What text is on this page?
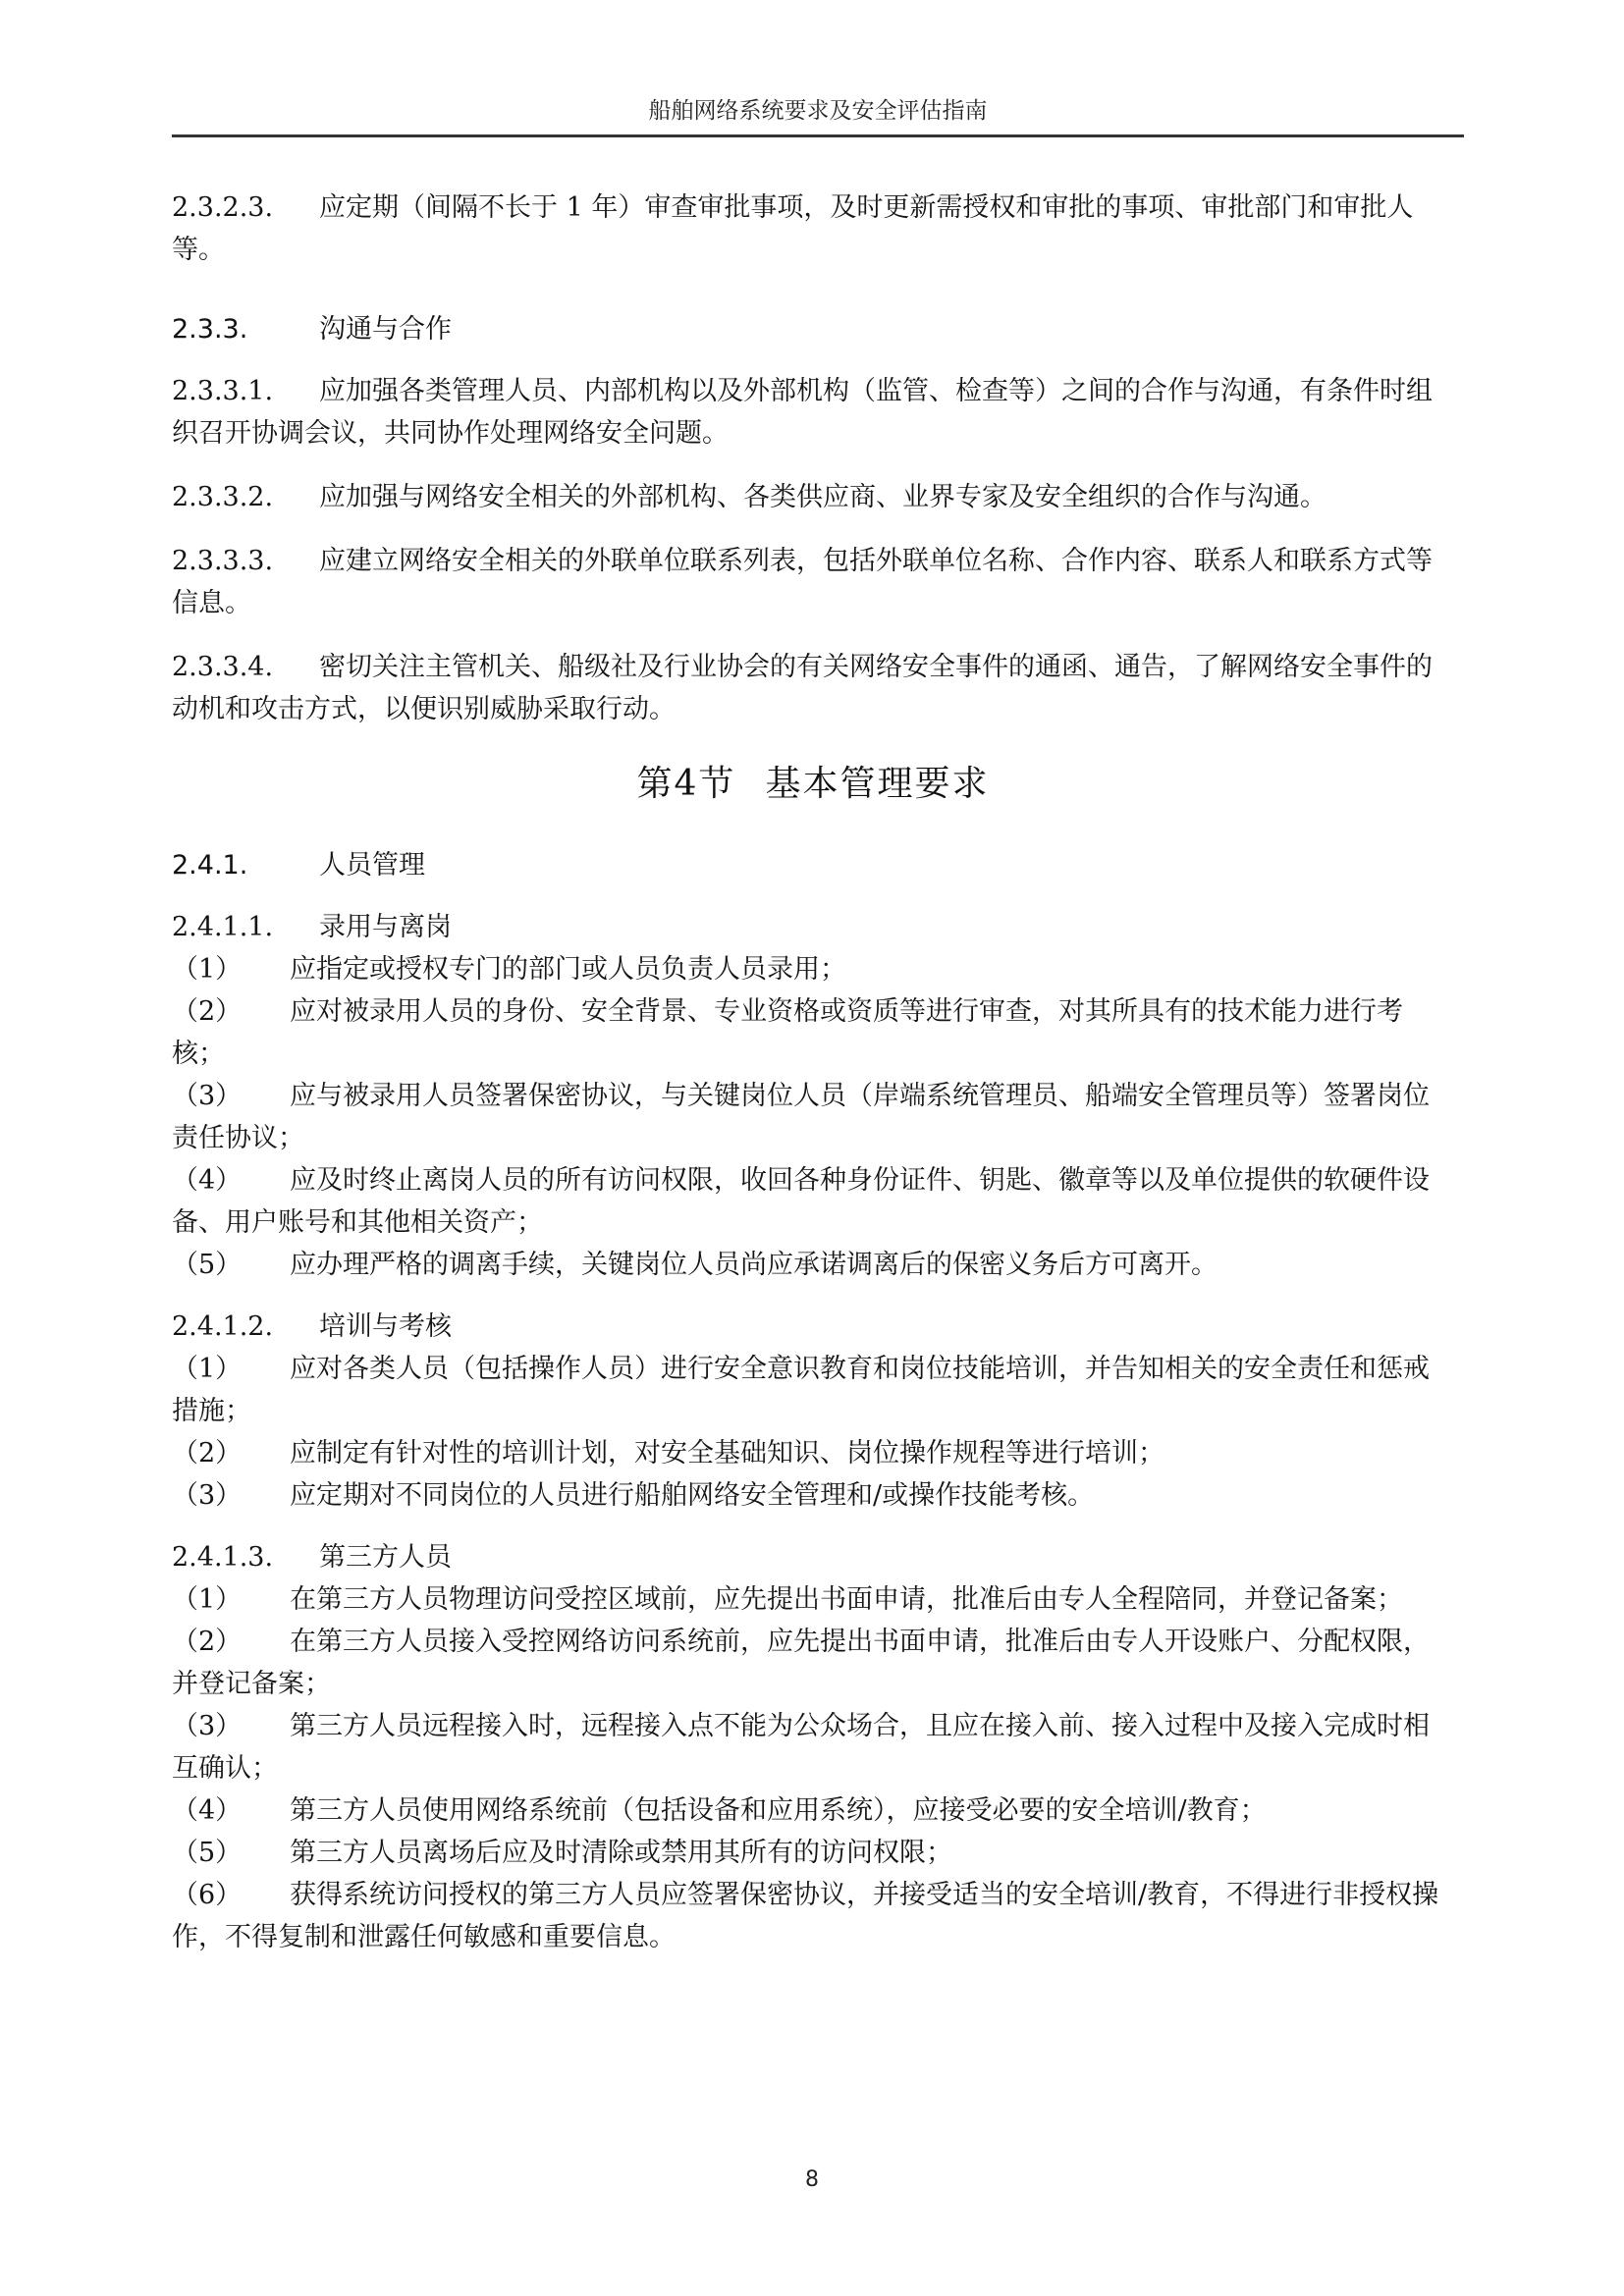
船舶网络系统要求及安全评估指南

2.3.2.3. 应定期（间隔不长于 1 年）审查审批事项，及时更新需授权和审批的事项、审批部门和审批人等。

2.3.3.	沟通与合作

2.3.3.1. 应加强各类管理人员、内部机构以及外部机构（监管、检查等）之间的合作与沟通，有条件时组织召开协调会议，共同协作处理网络安全问题。

2.3.3.2. 应加强与网络安全相关的外部机构、各类供应商、业界专家及安全组织的合作与沟通。

2.3.3.3. 应建立网络安全相关的外联单位联系列表，包括外联单位名称、合作内容、联系人和联系方式等信息。

2.3.3.4. 密切关注主管机关、船级社及行业协会的有关网络安全事件的通函、通告，了解网络安全事件的动机和攻击方式，以便识别威胁采取行动。

第4节 基本管理要求
2.4.1.	人员管理
2.4.1.1. 录用与离岗

（1） 应指定或授权专门的部门或人员负责人员录用；

（2） 应对被录用人员的身份、安全背景、专业资格或资质等进行审查，对其所具有的技术能力进行考核；

（3） 应与被录用人员签署保密协议，与关键岗位人员（岸端系统管理员、船端安全管理员等）签署岗位责任协议；

（4） 应及时终止离岗人员的所有访问权限，收回各种身份证件、钥匙、徽章等以及单位提供的软硬件设备、用户账号和其他相关资产；

（5） 应办理严格的调离手续，关键岗位人员尚应承诺调离后的保密义务后方可离开。

2.4.1.2. 培训与考核

（1） 应对各类人员（包括操作人员）进行安全意识教育和岗位技能培训，并告知相关的安全责任和惩戒措施；

（2） 应制定有针对性的培训计划，对安全基础知识、岗位操作规程等进行培训；

（3） 应定期对不同岗位的人员进行船舶网络安全管理和/或操作技能考核。

2.4.1.3. 第三方人员

（1） 在第三方人员物理访问受控区域前，应先提出书面申请，批准后由专人全程陪同，并登记备案；

（2） 在第三方人员接入受控网络访问系统前，应先提出书面申请，批准后由专人开设账户、分配权限，并登记备案；

（3） 第三方人员远程接入时，远程接入点不能为公众场合，且应在接入前、接入过程中及接入完成时相互确认；

（4） 第三方人员使用网络系统前（包括设备和应用系统），应接受必要的安全培训/教育；

（5） 第三方人员离场后应及时清除或禁用其所有的访问权限；

（6） 获得系统访问授权的第三方人员应签署保密协议，并接受适当的安全培训/教育，不得进行非授权操作，不得复制和泄露任何敏感和重要信息。

8
